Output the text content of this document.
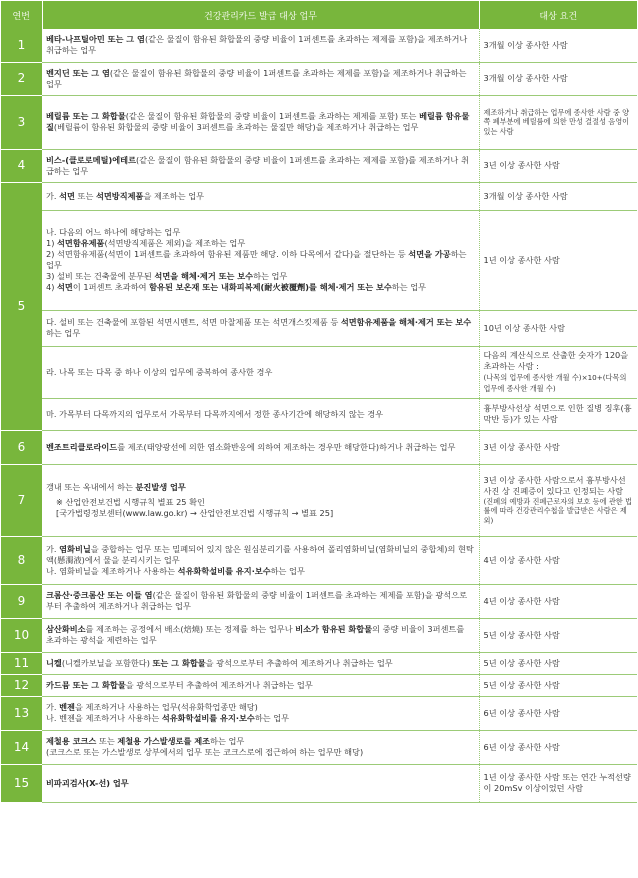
연번	건강관리카드 발급 대상 업무	대상 요건
1	베타-나프틸아민 또는 그 염(같은 물질이 함유된 화합물의 중량 비율이 1퍼센트를 초과하는 제제를 포함)을 제조하거나 취급하는 업무	3개월 이상 종사한 사람
2	벤지딘 또는 그 염(같은 물질이 함유된 화합물의 중량 비율이 1퍼센트를 초과하는 제제를 포함)을 제조하거나 취급하는 업무	3개월 이상 종사한 사람
3	베릴륨 또는 그 화합물(같은 물질이 함유된 화합물의 중량 비율이 1퍼센트를 초과하는 제제를 포함) 또는 베릴륨 함유물질(베릴륨이 함유된 화합물의 중량 비율이 3퍼센트를 초과하는 물질만 해당)을 제조하거나 취급하는 업무	제조하거나 취급하는 업무에 종사한 사람 중 양쪽 폐부분에 베릴륨에 의한 만성 결절성 음영이 있는 사람
4	비스-(클로로메틸)에테르(같은 물질이 함유된 화합물의 중량 비율이 1퍼센트를 초과하는 제제를 포함)를 제조하거나 취급하는 업무	3년 이상 종사한 사람
5	가. 석면 또는 석면방직제품을 제조하는 업무	3개월 이상 종사한 사람

	나. 다음의 어느 하나에 해당하는 업무
1) 석면함유제품(석면방직제품은 제외)을 제조하는 업무
2) 석면함유제품(석면이 1퍼센트를 초과하여 함유된 제품만 해당. 이하 다목에서 같다)을 절단하는 등 석면을 가공하는 업무
3) 설비 또는 건축물에 분무된 석면을 해체·제거 또는 보수하는 업무
4) 석면이 1퍼센트 초과하여 함유된 보온재 또는 내화피복제(耐火被覆劑)를 해체·제거 또는 보수하는 업무	1년 이상 종사한 사람
	다. 설비 또는 건축물에 포함된 석면시멘트, 석면 마찰제품 또는 석면개스킷제품 등 석면함유제품을 해체·제거 또는 보수하는 업무	10년 이상 종사한 사람
	라. 나목 또는 다목 중 하나 이상의 업무에 중복하여 종사한 경우	다음의 계산식으로 산출한 숫자가 120을 초과하는 사람 :
(나목의 업무에 종사한 개월 수)×10+(다목의 업무에 종사한 개월 수)

	마. 가목부터 다목까지의 업무로서 가목부터 다목까지에서 정한 종사기간에 해당하지 않는 경우	흉부방사선상 석면으로 인한 질병 징후(흉막반 등)가 있는 사람
6	벤조트리클로라이드를 제조(태양광선에 의한 염소화반응에 의하여 제조하는 경우만 해당한다)하거나 취급하는 업무	3년 이상 종사한 사람
7	갱내 또는 옥내에서 하는 분진발생 업무
※ 산업안전보건법 시행규칙 별표 25 확인
[국가법령정보센터(www.law.go.kr) → 산업안전보건법 시행규칙 → 별표 25]	3년 이상 종사한 사람으로서 흉부방사선 사진 상 진폐증이 있다고 인정되는 사람
(진폐의 예방과 진폐근로자의 보호 등에 관한 법률에 따라 건강관리수첩을 발급받은 사람은 제외)

8	가. 염화비닐을 중합하는 업무 또는 밀폐되어 있지 않은 원심분리기를 사용하여 폴리염화비닐(염화비닐의 중합체)의 현탁액(懸濁液)에서 물을 분리시키는 업무
나. 염화비닐을 제조하거나 사용하는 석유화학설비를 유지·보수하는 업무	4년 이상 종사한 사람
9	크롬산·중크롬산 또는 이들 염(같은 물질이 함유된 화합물의 중량 비율이 1퍼센트를 초과하는 제제를 포함)을 광석으로부터 추출하여 제조하거나 취급하는 업무	4년 이상 종사한 사람
10	삼산화비소를 제조하는 공정에서 배소(焙燒) 또는 정제를 하는 업무나 비소가 함유된 화합물의 중량 비율이 3퍼센트를 초과하는 광석을 제련하는 업무	5년 이상 종사한 사람
11	니켈(니켈카보닐을 포함한다) 또는 그 화합물을 광석으로부터 추출하여 제조하거나 취급하는 업무	5년 이상 종사한 사람
12	카드뮴 또는 그 화합물을 광석으로부터 추출하여 제조하거나 취급하는 업무	5년 이상 종사한 사람
13	가. 벤젠을 제조하거나 사용하는 업무(석유화학업종만 해당)
나. 벤젠을 제조하거나 사용하는 석유화학설비를 유지·보수하는 업무	6년 이상 종사한 사람
14	제철용 코크스 또는 제철용 가스발생로를 제조하는 업무
(코크스로 또는 가스발생로 상부에서의 업무 또는 코크스로에 접근하여 하는 업무만 해당)	6년 이상 종사한 사람
15	비파괴검사(X-선) 업무	1년 이상 종사한 사람 또는 연간 누적선량이 20mSv 이상이었던 사람
